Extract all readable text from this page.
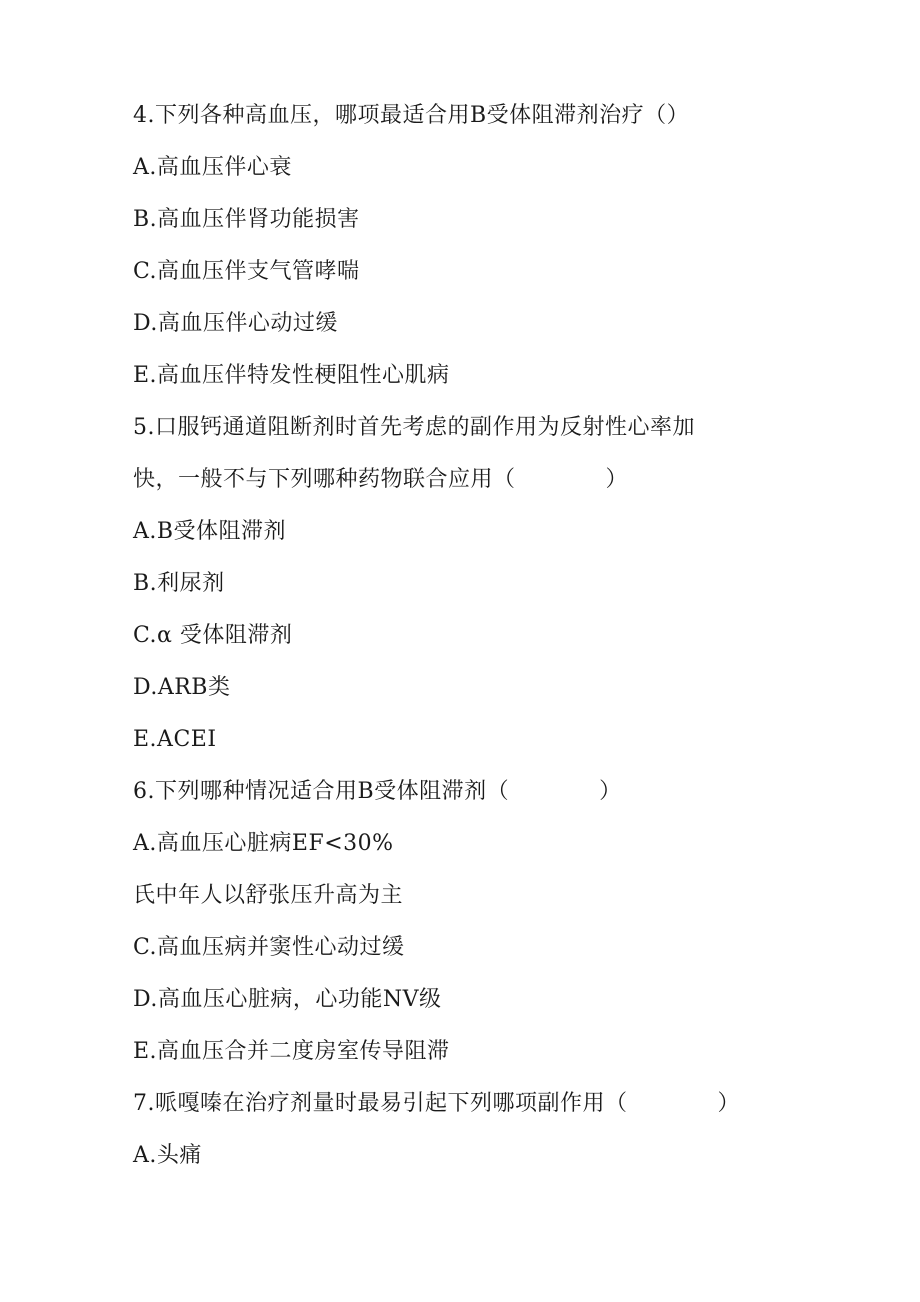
4.下列各种高血压，哪项最适合用B受体阻滞剂治疗（）
A.高血压伴心衰
B.高血压伴肾功能损害
C.高血压伴支气管哮喘
D.高血压伴心动过缓
E.高血压伴特发性梗阻性心肌病
5.口服钙通道阻断剂时首先考虑的副作用为反射性心率加
快，一般不与下列哪种药物联合应用（　　　　）
A.B受体阻滞剂
B.利尿剂
C.α 受体阻滞剂
D.ARB类
E.ACEI
6.下列哪种情况适合用B受体阻滞剂（　　　　）
A.高血压心脏病EF<30%
氏中年人以舒张压升高为主
C.高血压病并窦性心动过缓
D.高血压心脏病，心功能NV级
E.高血压合并二度房室传导阻滞
7.哌嘎嗪在治疗剂量时最易引起下列哪项副作用（　　　　）
A.头痛
